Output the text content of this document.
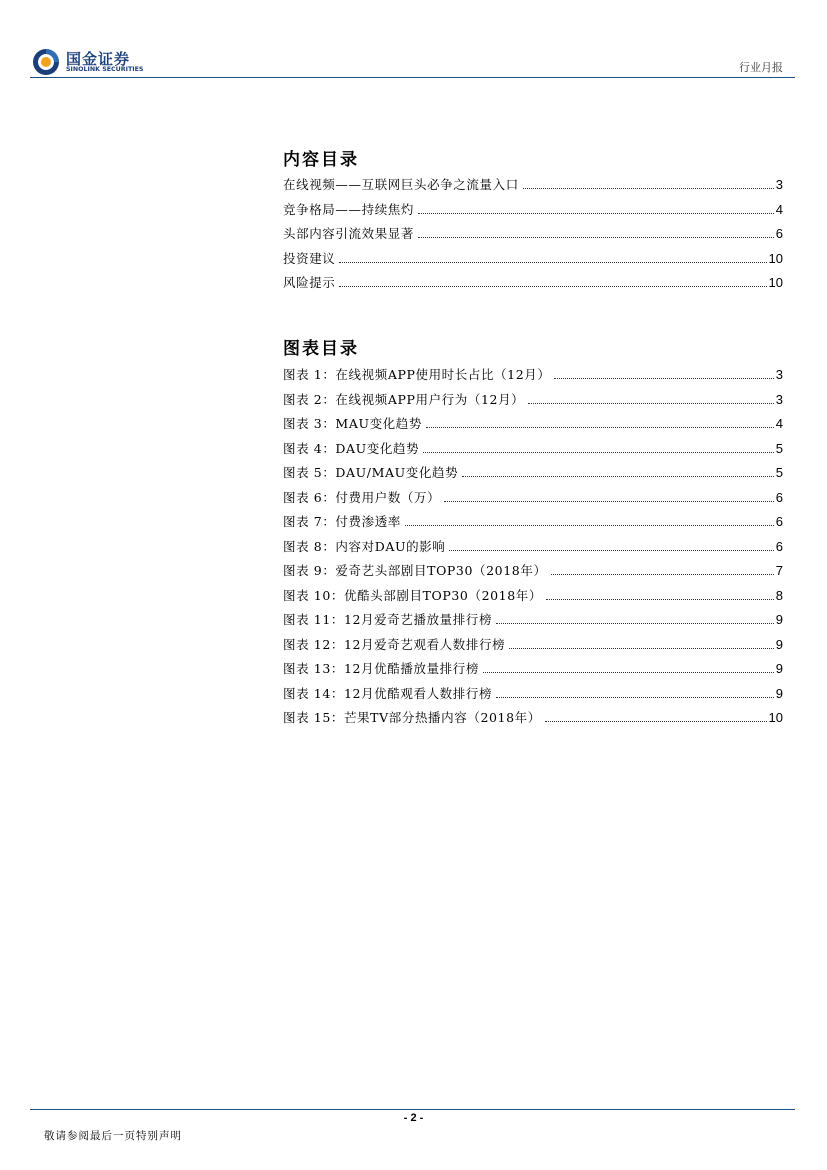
国金证券
SINOLINK SECURITIES	行业月报
内容目录
在线视频——互联网巨头必争之流量入口	3
竞争格局——持续焦灼	4
头部内容引流效果显著	6
投资建议	10
风险提示	10
图表目录
图表 1：在线视频APP使用时长占比（12月）	3
图表 2：在线视频APP用户行为（12月）	3
图表 3：MAU变化趋势	4
图表 4：DAU变化趋势	5
图表 5：DAU/MAU变化趋势	5
图表 6：付费用户数（万）	6
图表 7：付费渗透率	6
图表 8：内容对DAU的影响	6
图表 9：爱奇艺头部剧目TOP30（2018年）	7
图表 10：优酷头部剧目TOP30（2018年）	8
图表 11：12月爱奇艺播放量排行榜	9
图表 12：12月爱奇艺观看人数排行榜	9
图表 13：12月优酷播放量排行榜	9
图表 14：12月优酷观看人数排行榜	9
图表 15：芒果TV部分热播内容（2018年）	10
- 2 -
敬请参阅最后一页特别声明
